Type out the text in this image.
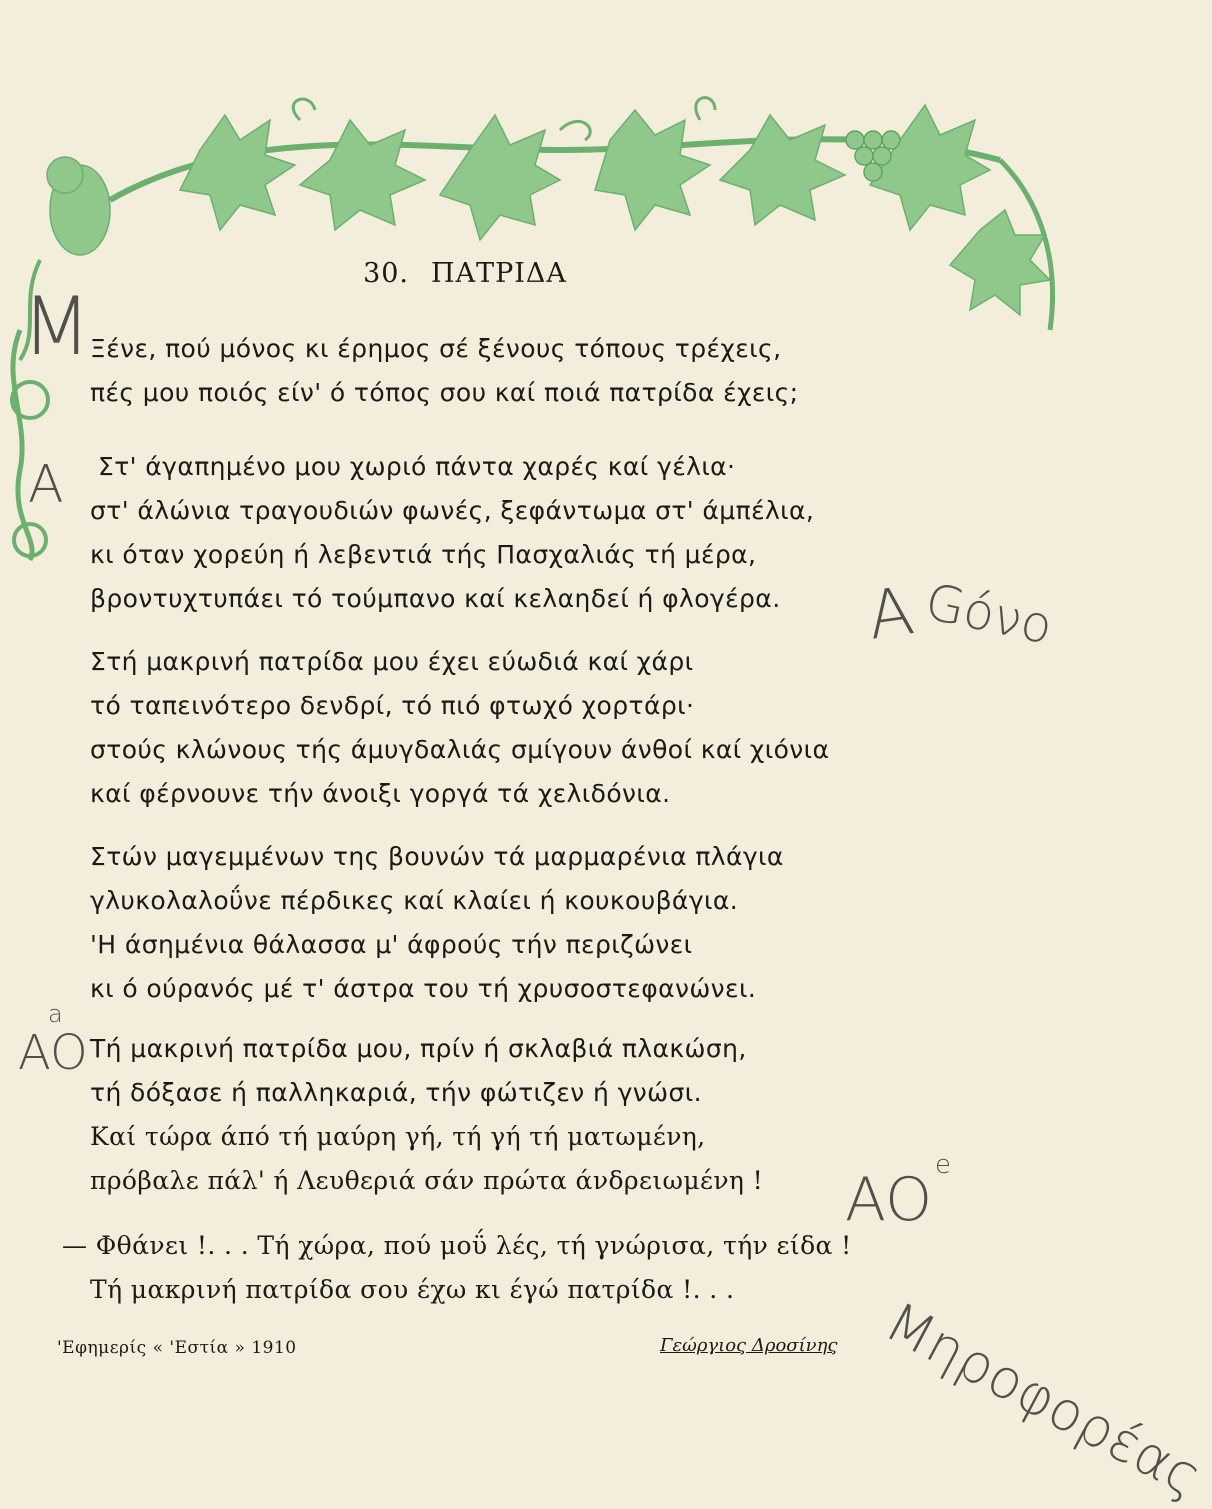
30. ΠΑΤΡΙΔΑ
Ξένε, πού μόνος κι έρημος σέ ξένους τόπους τρέχεις,
πές μου ποιός είν' ό τόπος σου καί ποιά πατρίδα έχεις;
Στ' άγαπημένο μου χωριό πάντα χαρές καί γέλια·
στ' άλώνια τραγουδιών φωνές, ξεφάντωμα στ' άμπέλια,
κι όταν χορεύη ή λεβεντιά τής Πασχαλιάς τή μέρα,
βροντυχτυπάει τό τούμπανο καί κελαηδεί ή φλογέρα.
Στή μακρινή πατρίδα μου έχει εύωδιά καί χάρι
τό ταπεινότερο δενδρί, τό πιό φτωχό χορτάρι·
στούς κλώνους τής άμυγδαλιάς σμίγουν άνθοί καί χιόνια
καί φέρνουνε τήν άνοιξι γοργά τά χελιδόνια.
Στών μαγεμμένων της βουνών τά μαρμαρένια πλάγια
γλυκολαλοΰνε πέρδικες καί κλαίει ή κουκουβάγια.
'Η άσημένια θάλασσα μ' άφρούς τήν περιζώνει
κι ό ούρανός μέ τ' άστρα του τή χρυσοστεφανώνει.
Τή μακρινή πατρίδα μου, πρίν ή σκλαβιά πλακώση,
τή δόξασε ή παλληκαριά, τήν φώτιζεν ή γνώσι.
Καί τώρα άπό τή μαύρη γή, τή γή τή ματωμένη,
πρόβαλε πάλ' ή Λευθεριά σάν πρώτα άνδρειωμένη !
— Φθάνει !. . . Τή χώρα, πού μοΰ λές, τή γνώρισα, τήν είδα !
Τή μακρινή πατρίδα σου έχω κι έγώ πατρίδα !. . .
'Εφημερίς « 'Εστία » 1910	Γεώργιος Δροσίνης
M
A
A Góνο
a
AO
AO e
Mηροφορέας
